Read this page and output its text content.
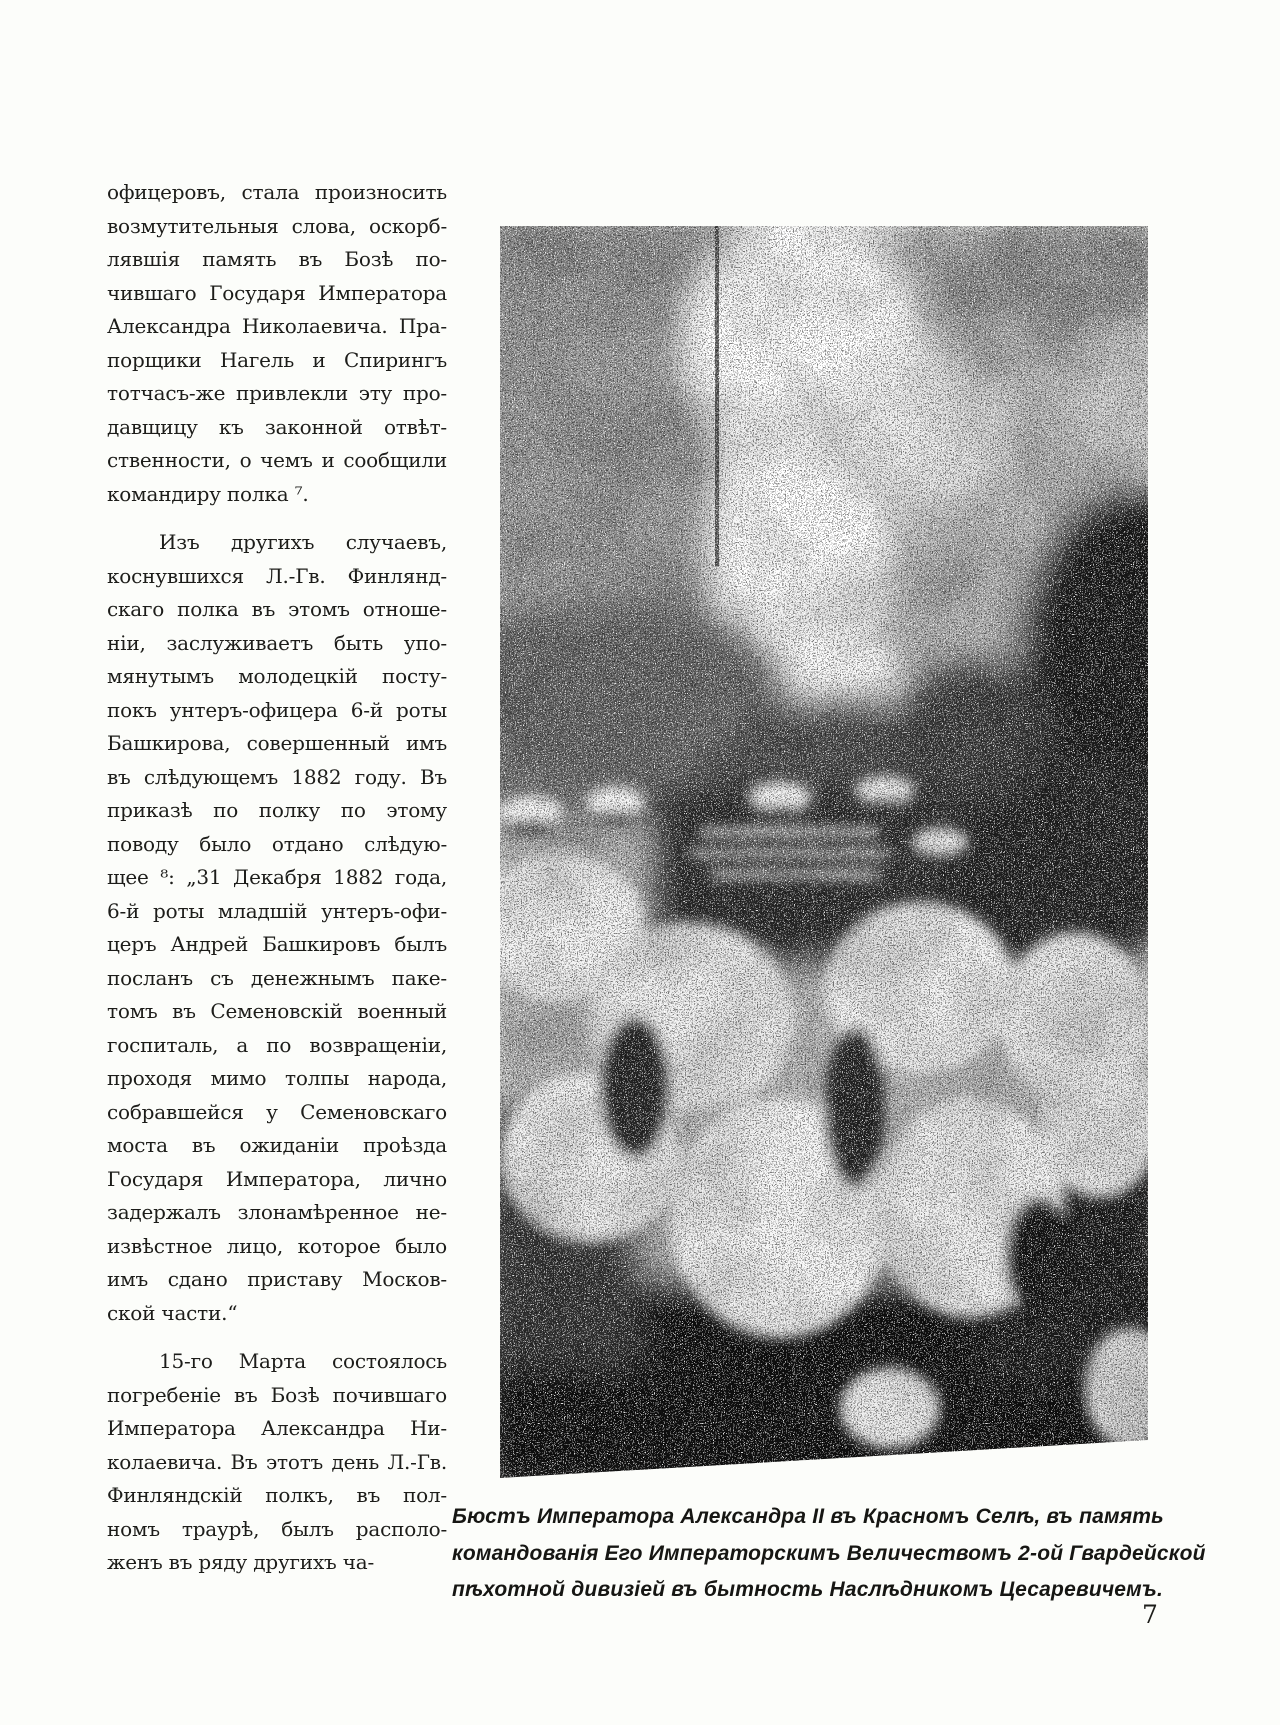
офицеровъ, стала произносить
возмутительныя слова, оскорб-
лявшія память въ Бозѣ по-
чившаго Государя Императора
Александра Николаевича. Пра-
порщики Нагель и Спирингъ
тотчасъ-же привлекли эту про-
давщицу къ законной отвѣт-
ственности, о чемъ и сообщили
командиру полка ⁷.
Изъ другихъ случаевъ,
коснувшихся Л.-Гв. Финлянд-
скаго полка въ этомъ отноше-
ніи, заслуживаетъ быть упо-
мянутымъ молодецкій посту-
покъ унтеръ-офицера 6-й роты
Башкирова, совершенный имъ
въ слѣдующемъ 1882 году. Въ
приказѣ по полку по этому
поводу было отдано слѣдую-
щее ⁸: „31 Декабря 1882 года,
6-й роты младшій унтеръ-офи-
церъ Андрей Башкировъ былъ
посланъ съ денежнымъ паке-
томъ въ Семеновскій военный
госпиталь, а по возвращеніи,
проходя мимо толпы народа,
собравшейся у Семеновскаго
моста въ ожиданіи проѣзда
Государя Императора, лично
задержалъ злонамѣренное не-
извѣстное лицо, которое было
имъ сдано приставу Москов-
ской части.“
15-го Марта состоялось
погребеніе въ Бозѣ почившаго
Императора Александра Ни-
колаевича. Въ этотъ день Л.-Гв.
Финляндскій полкъ, въ пол-
номъ траурѣ, былъ располо-
женъ въ ряду другихъ ча-
Бюстъ Императора Александра II въ Красномъ Селѣ, въ память
командованія Его Императорскимъ Величествомъ 2-ой Гвардейской
пѣхотной дивизіей въ бытность Наслѣдникомъ Цесаревичемъ.
7
